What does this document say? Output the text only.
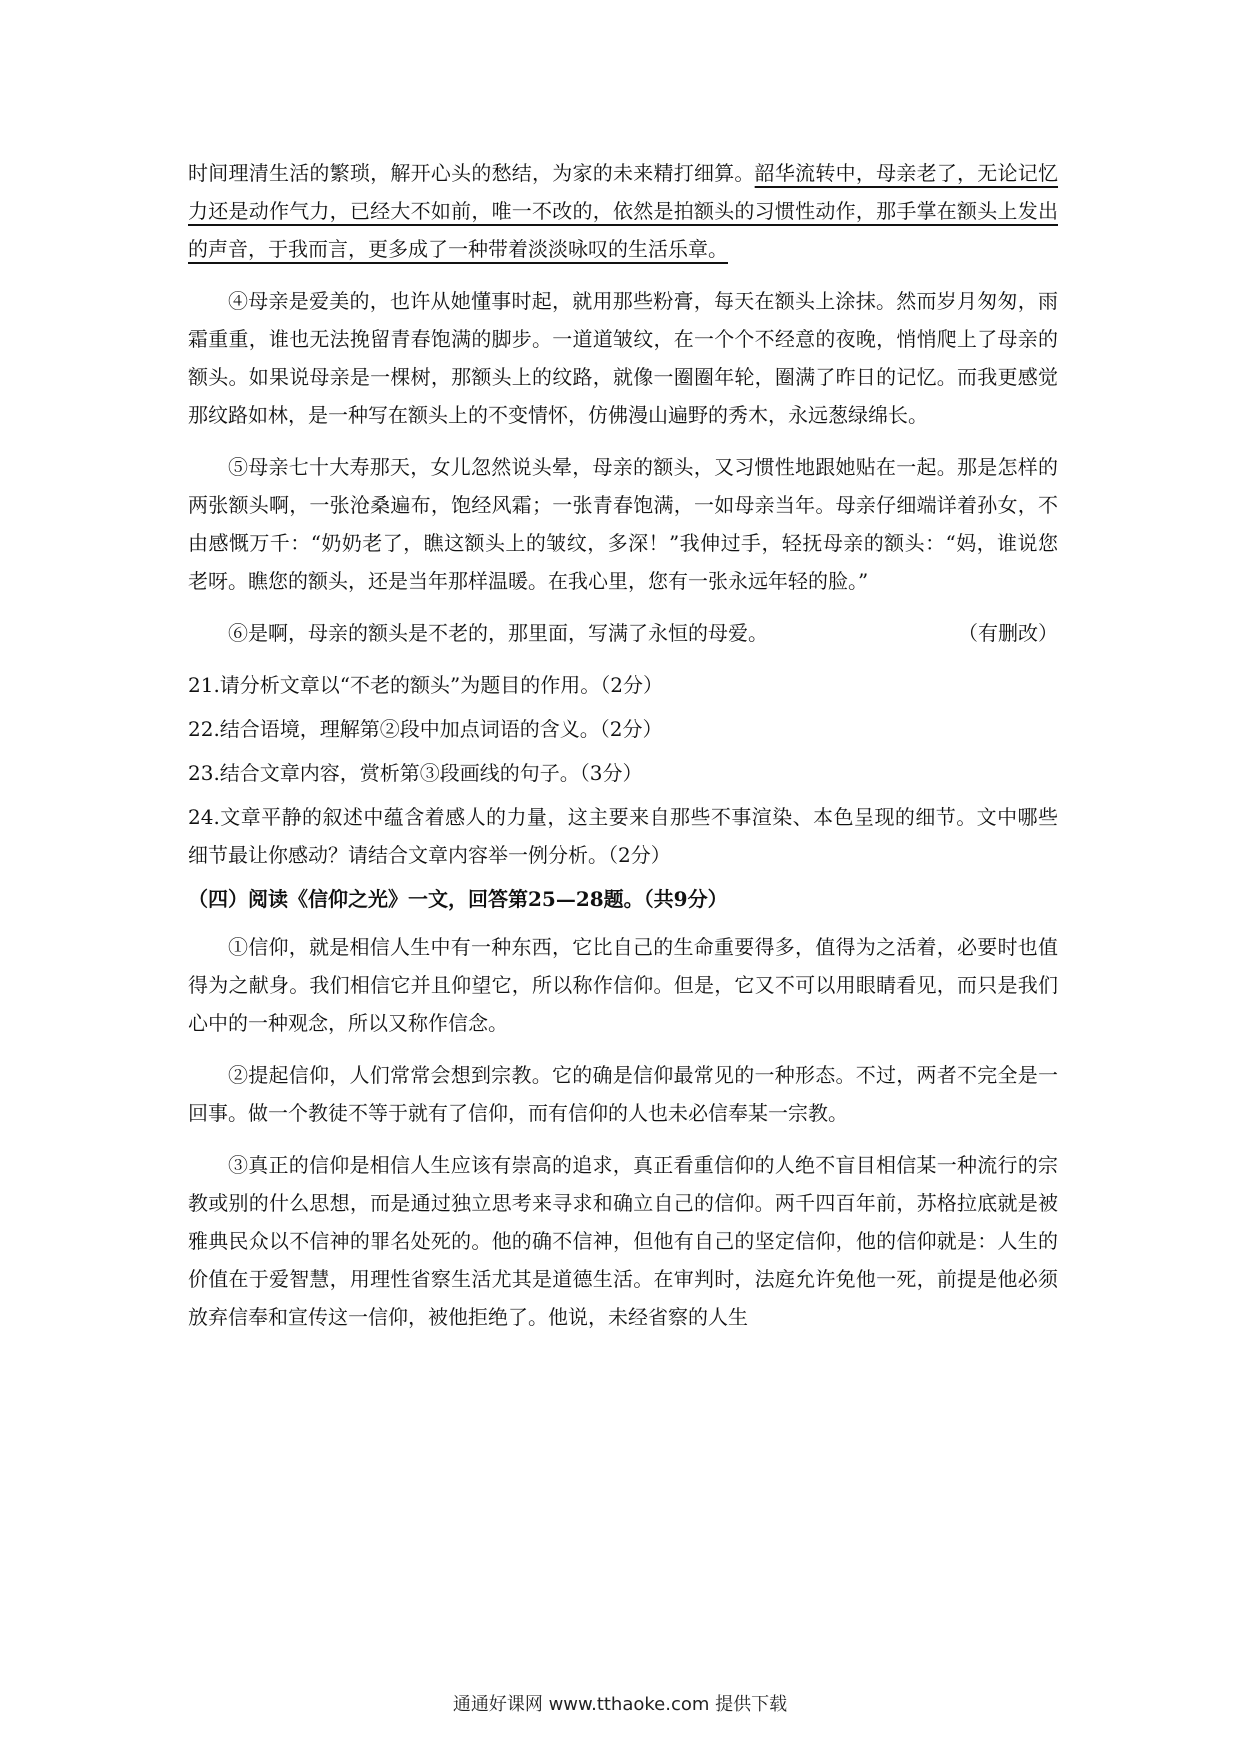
时间理清生活的繁琐，解开心头的愁结，为家的未来精打细算。韶华流转中，母亲老了，无论记忆力还是动作气力，已经大不如前，唯一不改的，依然是拍额头的习惯性动作，那手掌在额头上发出的声音，于我而言，更多成了一种带着淡淡咏叹的生活乐章。

④母亲是爱美的，也许从她懂事时起，就用那些粉膏，每天在额头上涂抹。然而岁月匆匆，雨霜重重，谁也无法挽留青春饱满的脚步。一道道皱纹，在一个个不经意的夜晚，悄悄爬上了母亲的额头。如果说母亲是一棵树，那额头上的纹路，就像一圈圈年轮，圈满了昨日的记忆。而我更感觉那纹路如林，是一种写在额头上的不变情怀，仿佛漫山遍野的秀木，永远葱绿绵长。

⑤母亲七十大寿那天，女儿忽然说头晕，母亲的额头，又习惯性地跟她贴在一起。那是怎样的两张额头啊，一张沧桑遍布，饱经风霜；一张青春饱满，一如母亲当年。母亲仔细端详着孙女，不由感慨万千：“奶奶老了，瞧这额头上的皱纹，多深！”我伸过手，轻抚母亲的额头：“妈，谁说您老呀。瞧您的额头，还是当年那样温暖。在我心里，您有一张永远年轻的脸。”

⑥是啊，母亲的额头是不老的，那里面，写满了永恒的母爱。	（有删改）

21.请分析文章以“不老的额头”为题目的作用。（2分）

22.结合语境，理解第②段中加点词语的含义。（2分）

23.结合文章内容，赏析第③段画线的句子。（3分）

24.文章平静的叙述中蕴含着感人的力量，这主要来自那些不事渲染、本色呈现的细节。文中哪些细节最让你感动？请结合文章内容举一例分析。（2分）

（四）阅读《信仰之光》一文，回答第25—28题。（共9分）

①信仰，就是相信人生中有一种东西，它比自己的生命重要得多，值得为之活着，必要时也值得为之献身。我们相信它并且仰望它，所以称作信仰。但是，它又不可以用眼睛看见，而只是我们心中的一种观念，所以又称作信念。

②提起信仰，人们常常会想到宗教。它的确是信仰最常见的一种形态。不过，两者不完全是一回事。做一个教徒不等于就有了信仰，而有信仰的人也未必信奉某一宗教。

③真正的信仰是相信人生应该有崇高的追求，真正看重信仰的人绝不盲目相信某一种流行的宗教或别的什么思想，而是通过独立思考来寻求和确立自己的信仰。两千四百年前，苏格拉底就是被雅典民众以不信神的罪名处死的。他的确不信神，但他有自己的坚定信仰，他的信仰就是：人生的价值在于爱智慧，用理性省察生活尤其是道德生活。在审判时，法庭允许免他一死，前提是他必须放弃信奉和宣传这一信仰，被他拒绝了。他说，未经省察的人生

通通好课网 www.tthaoke.com 提供下载
